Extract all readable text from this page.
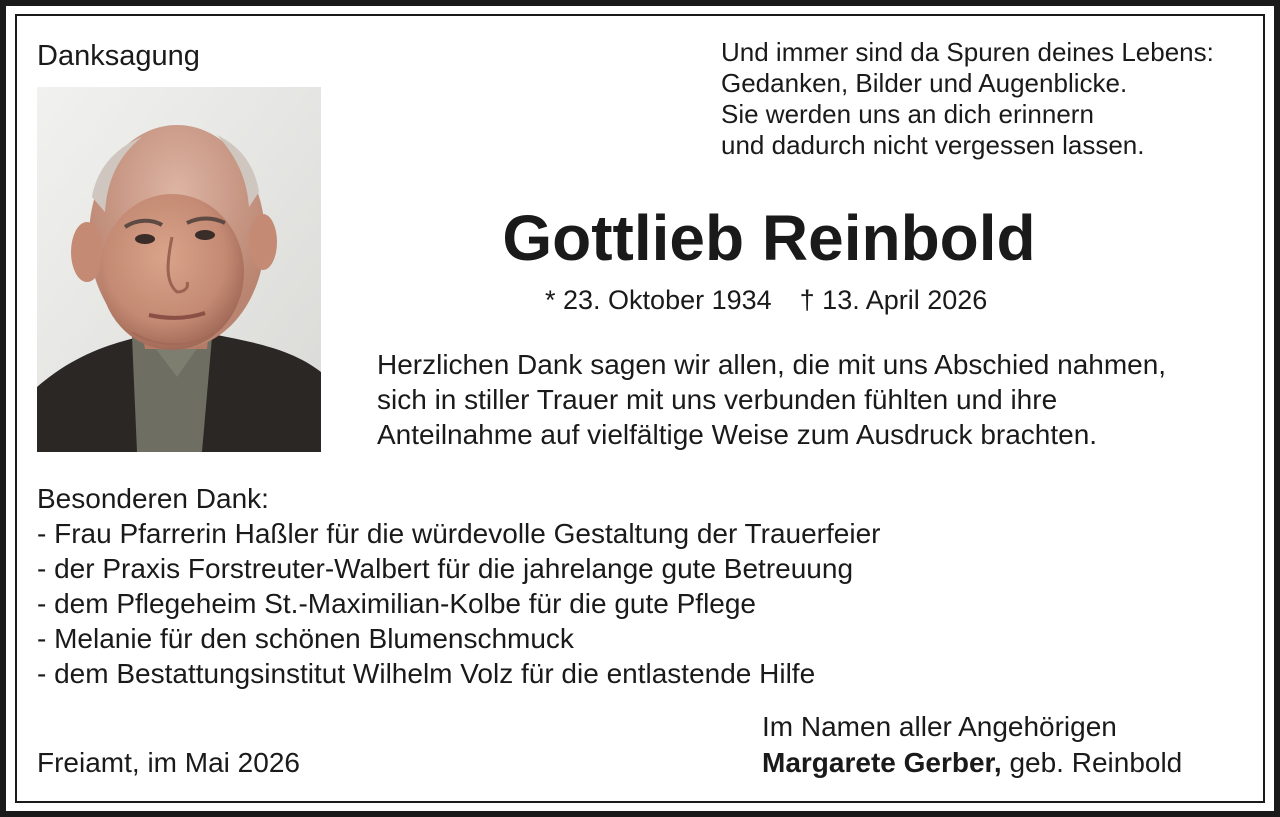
Danksagung	Und immer sind da Spuren deines Lebens:
Gedanken, Bilder und Augenblicke.
Sie werden uns an dich erinnern
und dadurch nicht vergessen lassen.
Gottlieb Reinbold
* 23. Oktober 1934 † 13. April 2026
Herzlichen Dank sagen wir allen, die mit uns Abschied nahmen,
sich in stiller Trauer mit uns verbunden fühlten und ihre
Anteilnahme auf vielfältige Weise zum Ausdruck brachten.
Besonderen Dank:
- Frau Pfarrerin Haßler für die würdevolle Gestaltung der Trauerfeier
- der Praxis Forstreuter-Walbert für die jahrelange gute Betreuung
- dem Pflegeheim St.-Maximilian-Kolbe für die gute Pflege
- Melanie für den schönen Blumenschmuck
- dem Bestattungsinstitut Wilhelm Volz für die entlastende Hilfe
Freiamt, im Mai 2026
Im Namen aller Angehörigen
Margarete Gerber, geb. Reinbold
